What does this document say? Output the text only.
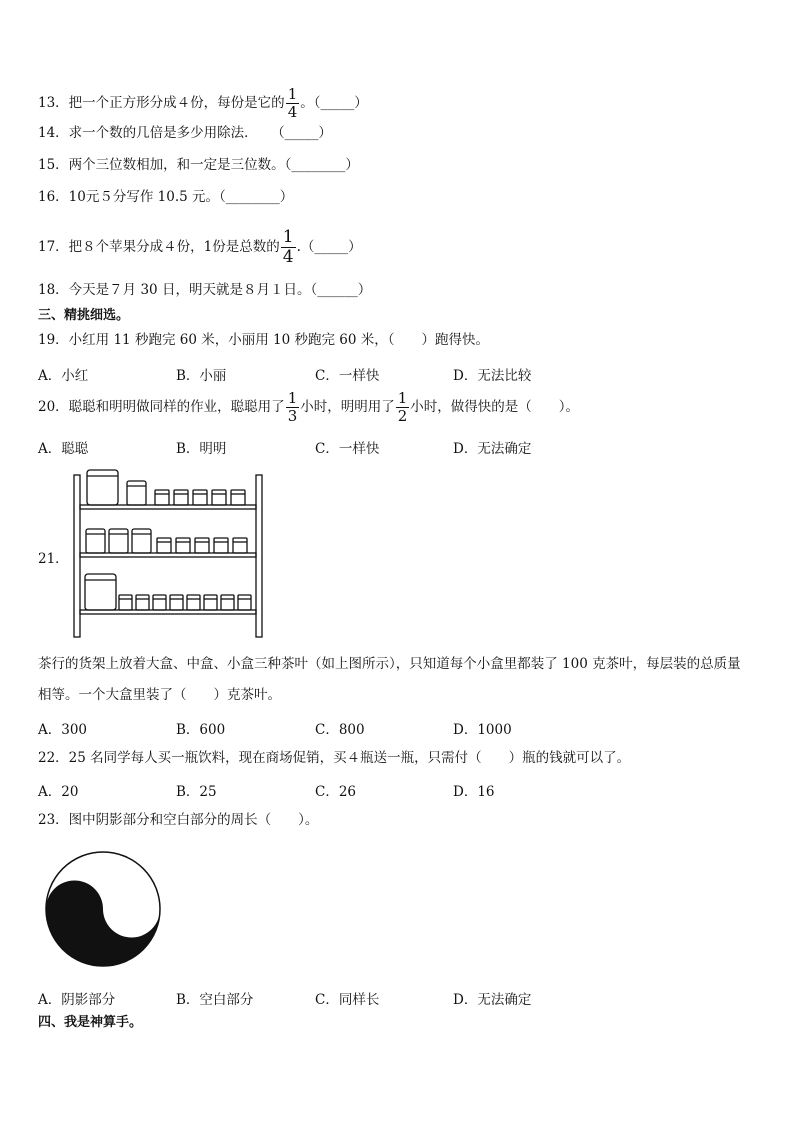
13．把一个正方形分成４份，每份是它的 $\frac{1}{4}$ 。（_____）
14．求一个数的几倍是多少用除法．　　（_____）
15．两个三位数相加，和一定是三位数。（________）
16．10元５分写作 10.5 元。（________）
17．把８个苹果分成４份，1份是总数的 $\frac{1}{4}$ .（_____）
18．今天是７月 30 日，明天就是８月１日。（______）
三、精挑细选。
19．小红用 11 秒跑完 60 米，小丽用 10 秒跑完 60 米，（　　）跑得快。
A．小红	B．小丽	C．一样快	D．无法比较
20．聪聪和明明做同样的作业，聪聪用了 $\frac{1}{3}$ 小时，明明用了 $\frac{1}{2}$ 小时，做得快的是（　　）。
A．聪聪	B．明明	C．一样快	D．无法确定
21．
茶行的货架上放着大盒、中盒、小盒三种茶叶（如上图所示），只知道每个小盒里都装了 100 克茶叶，每层装的总质量
相等。一个大盒里装了（　　）克茶叶。
A．300	B．600	C．800	D．1000
22．25 名同学每人买一瓶饮料，现在商场促销，买４瓶送一瓶，只需付（　　）瓶的钱就可以了。
A．20	B．25	C．26	D．16
23．图中阴影部分和空白部分的周长（　　）。
A．阴影部分	B．空白部分	C．同样长	D．无法确定
四、我是神算手。
